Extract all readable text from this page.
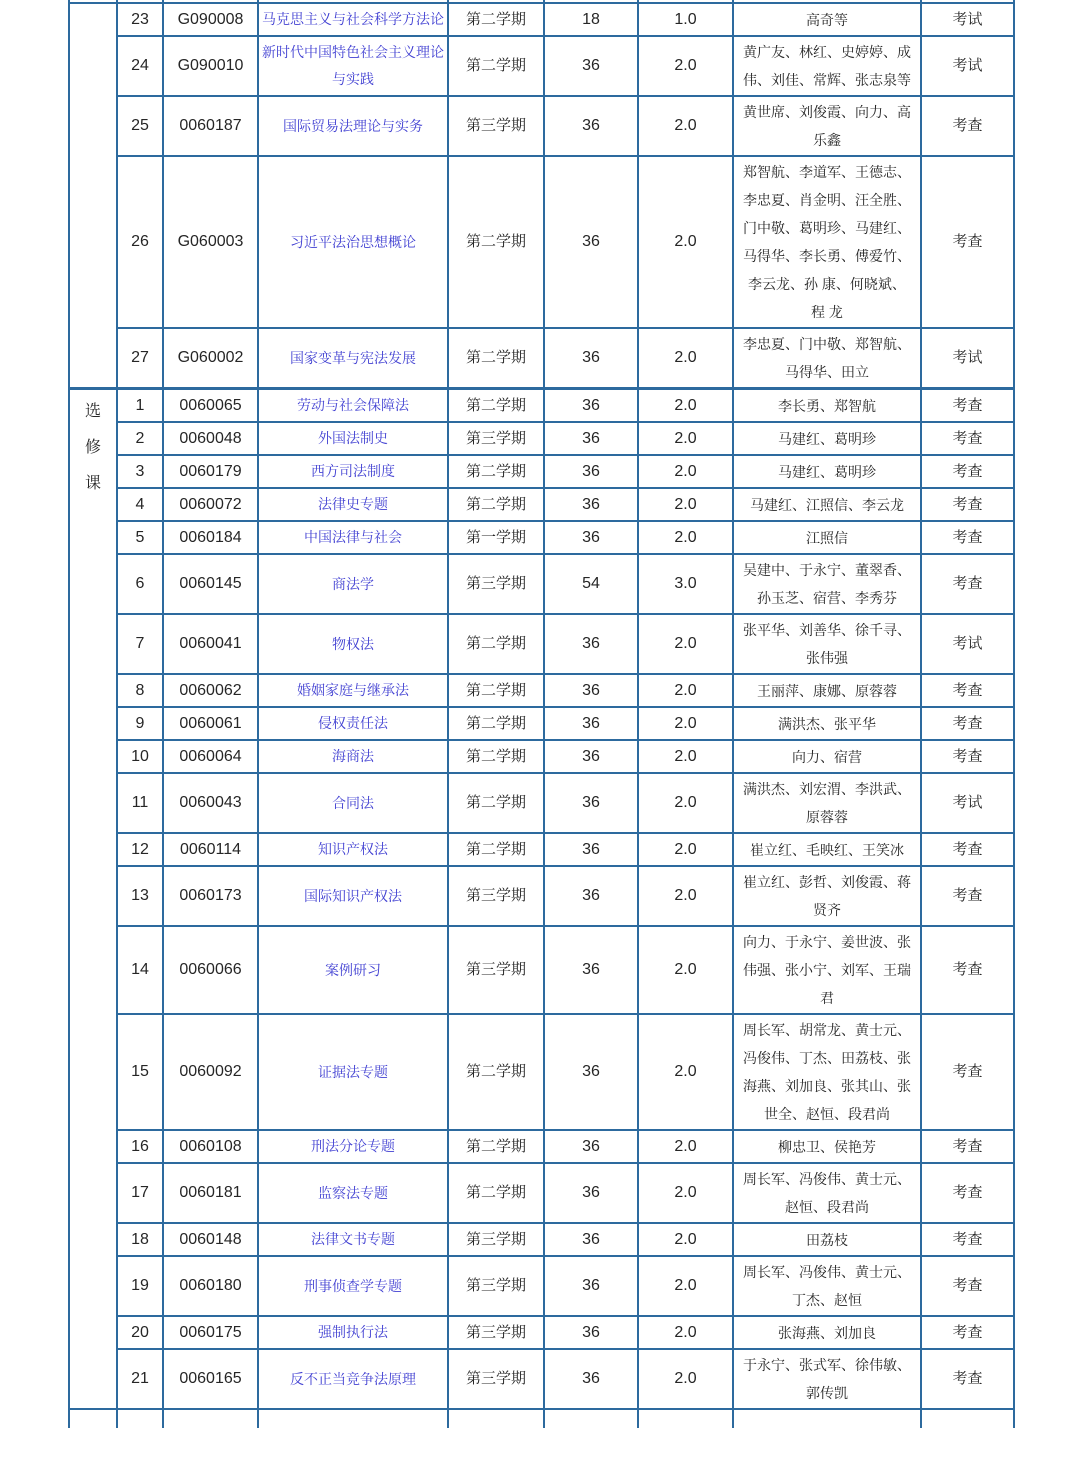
	23	G090008	马克思主义与社会科学方法论	第二学期	18	1.0	高奇等	考试
	24	G090010	新时代中国特色社会主义理论与实践	第二学期	36	2.0	黄广友、林红、史婷婷、成伟、刘佳、常辉、张志泉等	考试
	25	0060187	国际贸易法理论与实务	第三学期	36	2.0	黄世席、刘俊霞、向力、高乐鑫	考查
	26	G060003	习近平法治思想概论	第二学期	36	2.0	郑智航、李道军、王德志、李忠夏、肖金明、汪全胜、门中敬、葛明珍、马建红、马得华、李长勇、傅爱竹、李云龙、孙 康、何晓斌、程 龙	考查
	27	G060002	国家变革与宪法发展	第二学期	36	2.0	李忠夏、门中敬、郑智航、马得华、田立	考试

选
修
课	1	0060065	劳动与社会保障法	第二学期	36	2.0	李长勇、郑智航	考查
	2	0060048	外国法制史	第三学期	36	2.0	马建红、葛明珍	考查
	3	0060179	西方司法制度	第二学期	36	2.0	马建红、葛明珍	考查
	4	0060072	法律史专题	第二学期	36	2.0	马建红、江照信、李云龙	考查
	5	0060184	中国法律与社会	第一学期	36	2.0	江照信	考查
	6	0060145	商法学	第三学期	54	3.0	吴建中、于永宁、董翠香、孙玉芝、宿营、李秀芬	考查
	7	0060041	物权法	第二学期	36	2.0	张平华、刘善华、徐千寻、张伟强	考试
	8	0060062	婚姻家庭与继承法	第二学期	36	2.0	王丽萍、康娜、原蓉蓉	考查
	9	0060061	侵权责任法	第二学期	36	2.0	满洪杰、张平华	考查
	10	0060064	海商法	第二学期	36	2.0	向力、宿营	考查
	11	0060043	合同法	第二学期	36	2.0	满洪杰、刘宏渭、李洪武、原蓉蓉	考试
	12	0060114	知识产权法	第二学期	36	2.0	崔立红、毛映红、王笑冰	考查
	13	0060173	国际知识产权法	第三学期	36	2.0	崔立红、彭哲、刘俊霞、蒋贤齐	考查
	14	0060066	案例研习	第三学期	36	2.0	向力、于永宁、姜世波、张伟强、张小宁、刘军、王瑞君	考查
	15	0060092	证据法专题	第二学期	36	2.0	周长军、胡常龙、黄士元、冯俊伟、丁杰、田荔枝、张海燕、刘加良、张其山、张世全、赵恒、段君尚	考查
	16	0060108	刑法分论专题	第二学期	36	2.0	柳忠卫、侯艳芳	考查
	17	0060181	监察法专题	第二学期	36	2.0	周长军、冯俊伟、黄士元、赵恒、段君尚	考查
	18	0060148	法律文书专题	第三学期	36	2.0	田荔枝	考查
	19	0060180	刑事侦查学专题	第三学期	36	2.0	周长军、冯俊伟、黄士元、丁杰、赵恒	考查
	20	0060175	强制执行法	第三学期	36	2.0	张海燕、刘加良	考查
	21	0060165	反不正当竞争法原理	第三学期	36	2.0	于永宁、张式军、徐伟敏、郭传凯	考查
